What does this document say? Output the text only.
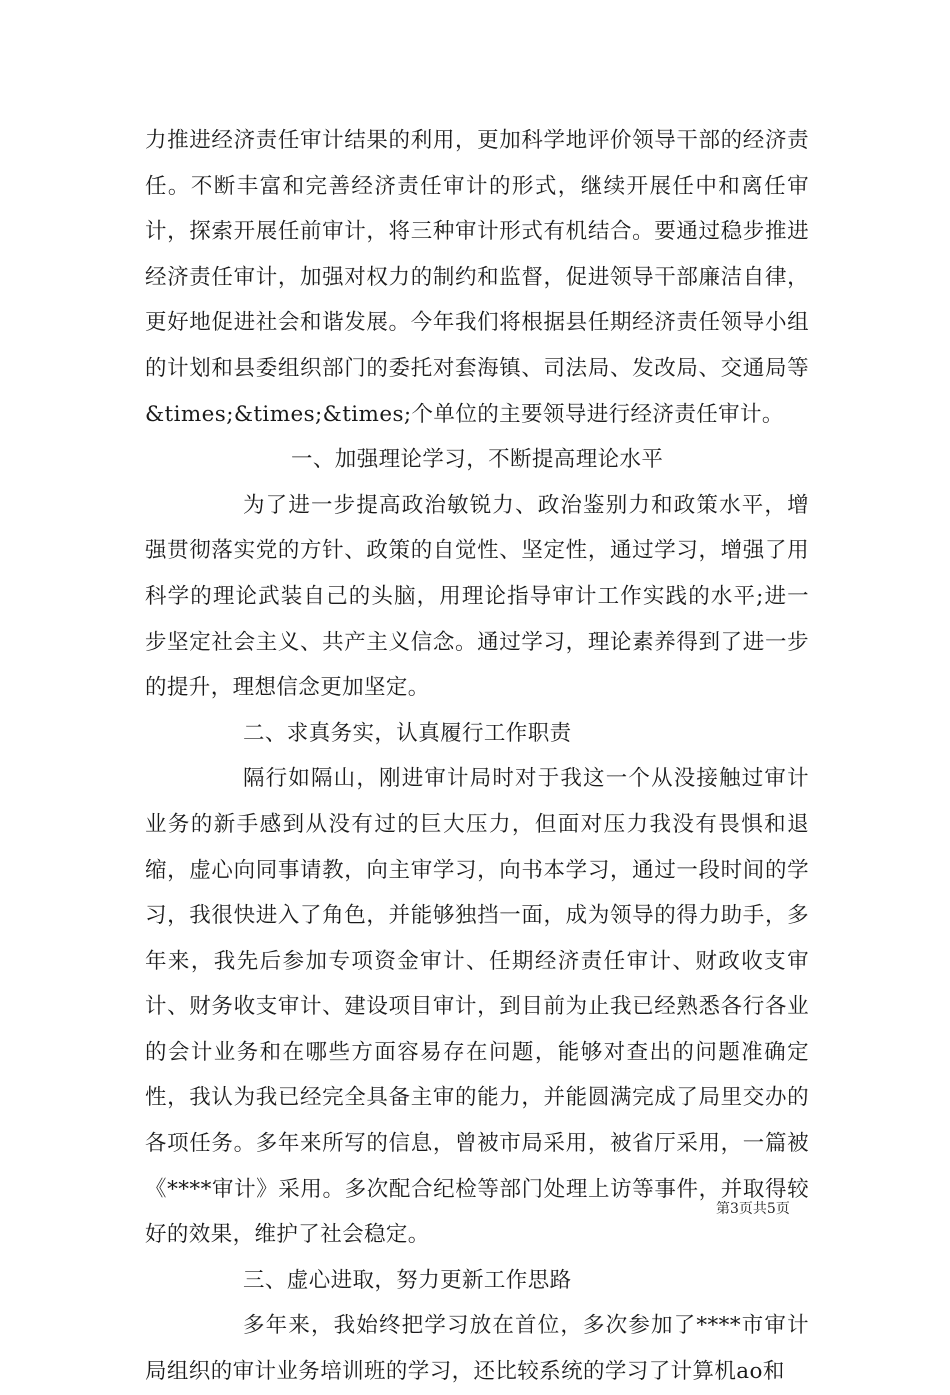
力推进经济责任审计结果的利用，更加科学地评价领导干部的经济责任。不断丰富和完善经济责任审计的形式，继续开展任中和离任审计，探索开展任前审计，将三种审计形式有机结合。要通过稳步推进经济责任审计，加强对权力的制约和监督，促进领导干部廉洁自律，更好地促进社会和谐发展。今年我们将根据县任期经济责任领导小组的计划和县委组织部门的委托对套海镇、司法局、发改局、交通局等&times;&times;&times;个单位的主要领导进行经济责任审计。

一、加强理论学习，不断提高理论水平

为了进一步提高政治敏锐力、政治鉴别力和政策水平，增强贯彻落实党的方针、政策的自觉性、坚定性，通过学习，增强了用科学的理论武装自己的头脑，用理论指导审计工作实践的水平;进一步坚定社会主义、共产主义信念。通过学习，理论素养得到了进一步的提升，理想信念更加坚定。

二、求真务实，认真履行工作职责

隔行如隔山，刚进审计局时对于我这一个从没接触过审计业务的新手感到从没有过的巨大压力，但面对压力我没有畏惧和退缩，虚心向同事请教，向主审学习，向书本学习，通过一段时间的学习，我很快进入了角色，并能够独挡一面，成为领导的得力助手，多年来，我先后参加专项资金审计、任期经济责任审计、财政收支审计、财务收支审计、建设项目审计，到目前为止我已经熟悉各行各业的会计业务和在哪些方面容易存在问题，能够对查出的问题准确定性，我认为我已经完全具备主审的能力，并能圆满完成了局里交办的各项任务。多年来所写的信息，曾被市局采用，被省厅采用，一篇被《****审计》采用。多次配合纪检等部门处理上访等事件，并取得较好的效果，维护了社会稳定。

三、虚心进取，努力更新工作思路

多年来，我始终把学习放在首位，多次参加了****市审计局组织的审计业务培训班的学习，还比较系统的学习了计算机ao和

第3页共5页
